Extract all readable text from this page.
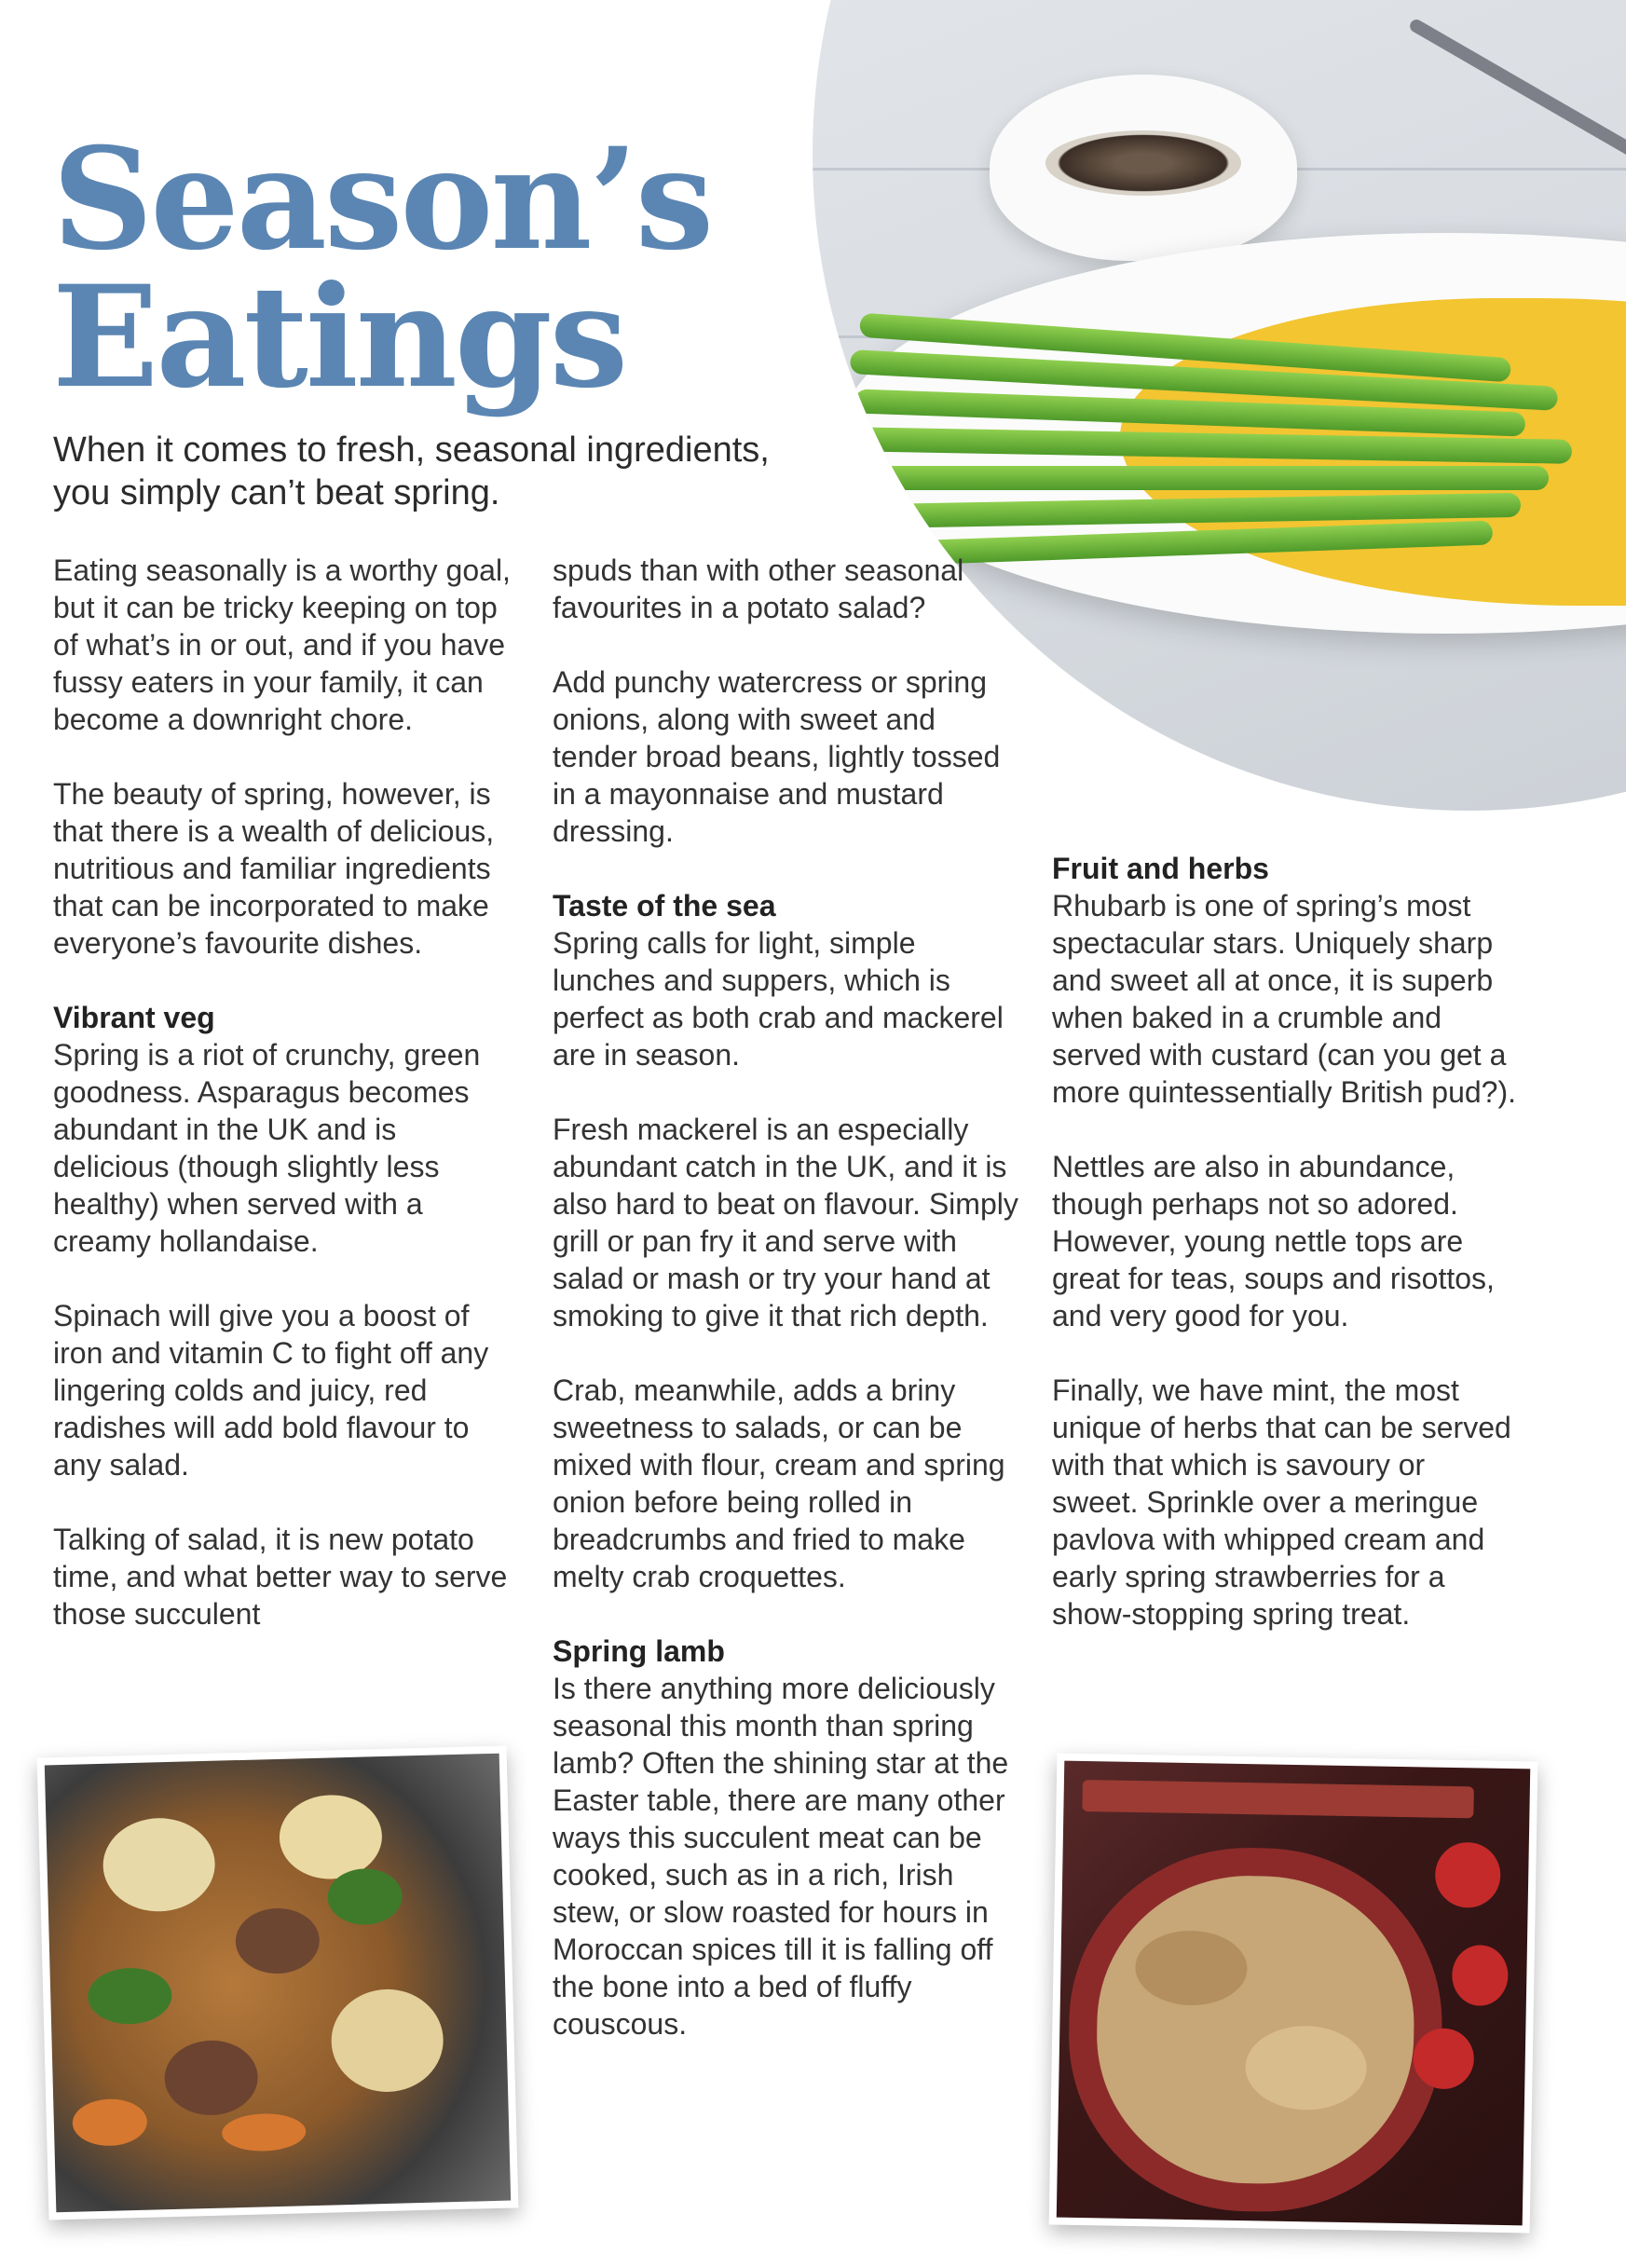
Season’s
Eatings

When it comes to fresh, seasonal ingredients, you simply can’t beat spring.

Eating seasonally is a worthy goal, but it can be tricky keeping on top of what’s in or out, and if you have fussy eaters in your family, it can become a downright chore.

The beauty of spring, however, is that there is a wealth of delicious, nutritious and familiar ingredients that can be incorporated to make everyone’s favourite dishes.

Vibrant veg

Spring is a riot of crunchy, green goodness. Asparagus becomes abundant in the UK and is delicious (though slightly less healthy) when served with a creamy hollandaise.

Spinach will give you a boost of iron and vitamin C to fight off any lingering colds and juicy, red radishes will add bold flavour to any salad.

Talking of salad, it is new potato time, and what better way to serve those succulent

spuds than with other seasonal favourites in a potato salad?

Add punchy watercress or spring onions, along with sweet and tender broad beans, lightly tossed in a mayonnaise and mustard dressing.

Taste of the sea

Spring calls for light, simple lunches and suppers, which is perfect as both crab and mackerel are in season.

Fresh mackerel is an especially abundant catch in the UK, and it is also hard to beat on flavour. Simply grill or pan fry it and serve with salad or mash or try your hand at smoking to give it that rich depth.

Crab, meanwhile, adds a briny sweetness to salads, or can be mixed with flour, cream and spring onion before being rolled in breadcrumbs and fried to make melty crab croquettes.

Spring lamb

Is there anything more deliciously seasonal this month than spring lamb? Often the shining star at the Easter table, there are many other ways this succulent meat can be cooked, such as in a rich, Irish stew, or slow roasted for hours in Moroccan spices till it is falling off the bone into a bed of fluffy couscous.

Fruit and herbs

Rhubarb is one of spring’s most spectacular stars. Uniquely sharp and sweet all at once, it is superb when baked in a crumble and served with custard (can you get a more quintessentially British pud?).

Nettles are also in abundance, though perhaps not so adored. However, young nettle tops are great for teas, soups and risottos, and very good for you.

Finally, we have mint, the most unique of herbs that can be served with that which is savoury or sweet. Sprinkle over a meringue pavlova with whipped cream and early spring strawberries for a show-stopping spring treat.
